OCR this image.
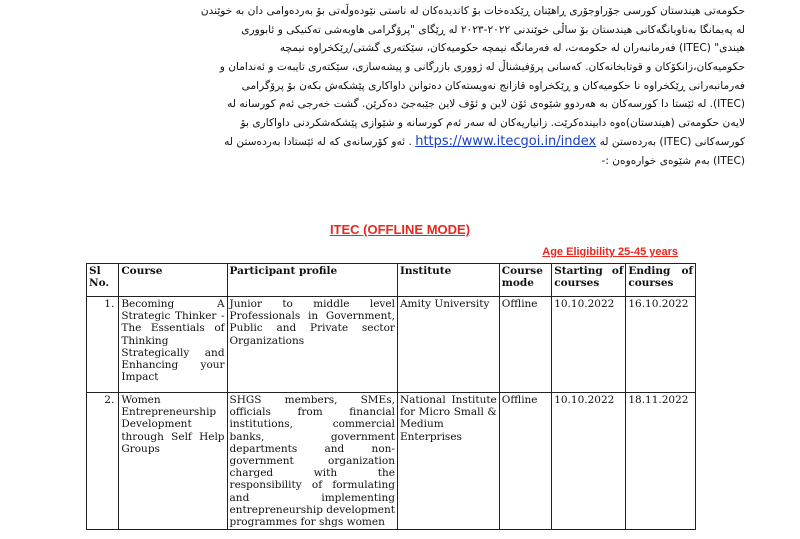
حکومەتی هیندستان کورسی جۆراوجۆری ڕاهێنان ڕێکدەخات بۆ کاندیدەکان لە ناستی نێودەوڵەتی بۆ بەردەوامی دان بە خوێندن
لە پەیمانگا بەناوبانگەکانی هیندستان بۆ ساڵی خوێندنی ٢٠٢٢-٢٠٢٣ لە ڕێگای "پرۆگرامی هاوبەشی تەکنیکی و ئابووری
هیندی" (ITEC) فەرمانبەران لە حکومەت، لە فەرمانگە نیمچە حکومیەکان، سێکتەری گشتی/ڕێکخراوە نیمچە
حکومیەکان،زانکۆکان و قوتابخانەکان. کەسانی پرۆفیشناڵ لە ژووری بازرگانی و پیشەسازی، سێکتەری تایبەت و ئەندامان و
فەرمانبەرانی ڕێکخراوە نا حکومیەکان و ڕێکخراوە قازانج نەویستەکان دەتوانن داواکاری پێشکەش بکەن بۆ پرۆگرامی
(ITEC). لە ئێستا دا کورسەکان بە هەردوو شێوەی ئۆن لاین و ئۆف لاین جێبەجێ دەکرێن. گشت خەرجی ئەم کورسانە لە
لایەن حکومەتی (هیندستان)ەوە دابیندەکرێت. زانیاریەکان لە سەر ئەم کورسانە و شێوازی پێشکەشکردنی داواکاری بۆ
کورسەکانی (ITEC) بەردەستن لە https://www.itecgoi.in/index . ئەو کۆرسانەی کە لە ئێستادا بەردەستن لە
(ITEC) بەم شێوەی خوارەوەن :-
ITEC (OFFLINE MODE)
Age Eligibility 25-45 years
Sl No.	Course	Participant profile	Institute	Course mode	Starting of courses	Ending of courses
1.	Becoming A Strategic Thinker - The Essentials of Thinking Strategically and Enhancing your Impact	Junior to middle level Professionals in Government, Public and Private sector Organizations	Amity University	Offline	10.10.2022	16.10.2022
2.	Women Entrepreneurship Development through Self Help Groups	SHGS members, SMEs, officials from financial institutions, commercial banks, government departments and non-government organization charged with the responsibility of formulating and implementing entrepreneurship development programmes for shgs women	National Institute for Micro Small & Medium Enterprises	Offline	10.10.2022	18.11.2022
